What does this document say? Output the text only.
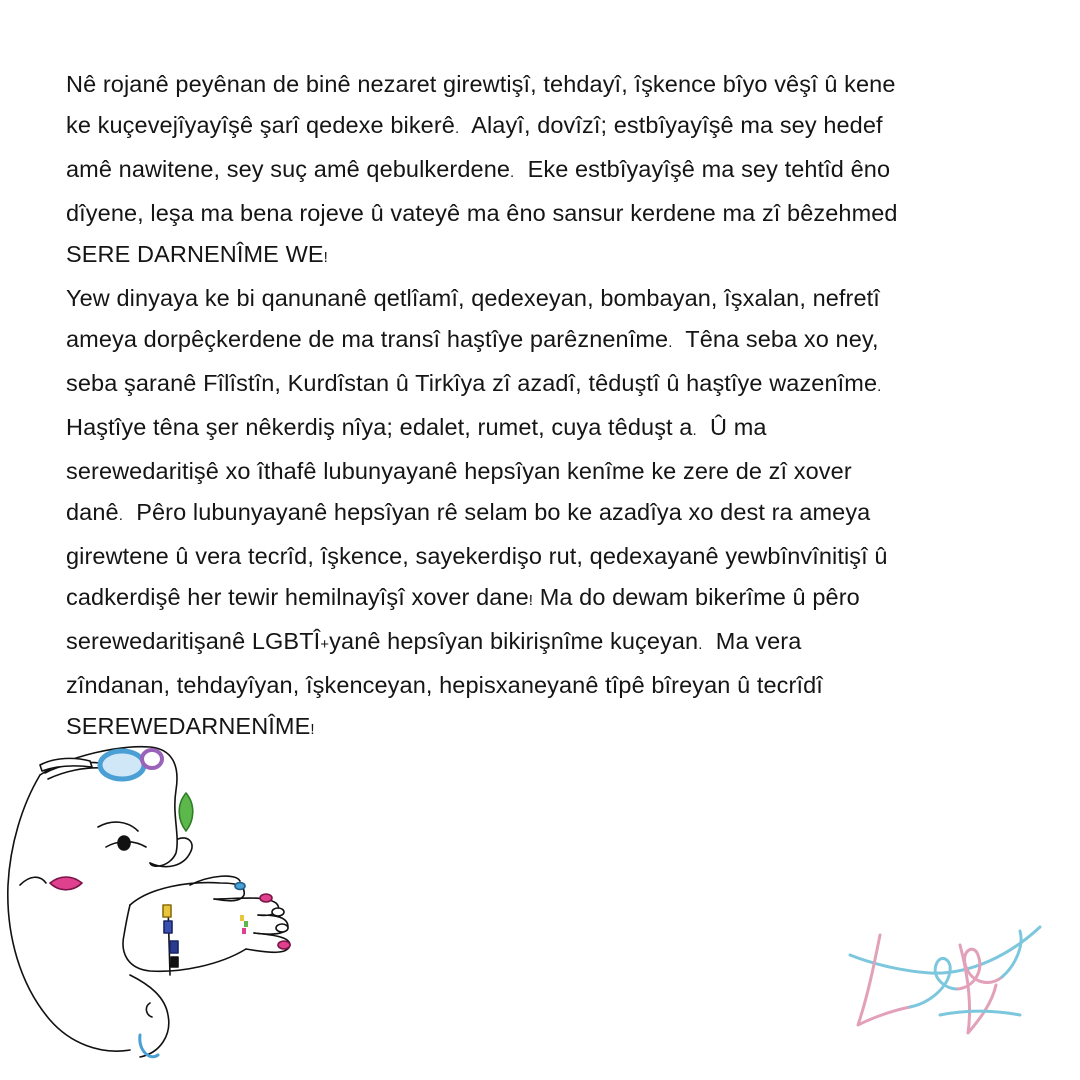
Nê rojanê peyênan de binê nezaret girewtişî, tehdayî, îşkence bîyo vêşî û kene
ke kuçevejîyayîşê şarî qedexe bikerê.  Alayî, dovîzî; estbîyayîşê ma sey hedef
amê nawitene, sey suç amê qebulkerdene.  Eke estbîyayîşê ma sey tehtîd êno
dîyene, leşa ma bena rojeve û vateyê ma êno sansur kerdene ma zî bêzehmed
SERE DARNENÎME WE!

Yew dinyaya ke bi qanunanê qetlîamî, qedexeyan, bombayan, îşxalan, nefretî
ameya dorpêçkerdene de ma transî haştîye parêznenîme.  Têna seba xo ney,
seba şaranê Fîlîstîn, Kurdîstan û Tirkîya zî azadî, têduştî û haştîye wazenîme.
Haştîye têna şer nêkerdiş nîya; edalet, rumet, cuya têduşt a.  Û ma
serewedaritişê xo îthafê lubunyayanê hepsîyan kenîme ke zere de zî xover
danê.  Pêro lubunyayanê hepsîyan rê selam bo ke azadîya xo dest ra ameya
girewtene û vera tecrîd, îşkence, sayekerdişo rut, qedexayanê yewbînvînitişî û
cadkerdişê her tewir hemilnayîşî xover dane! Ma do dewam bikerîme û pêro
serewedaritişanê LGBTÎ+yanê hepsîyan bikirişnîme kuçeyan.  Ma vera
zîndanan, tehdayîyan, îşkenceyan, hepisxaneyanê tîpê bîreyan û tecrîdî
SEREWEDARNENÎME!
